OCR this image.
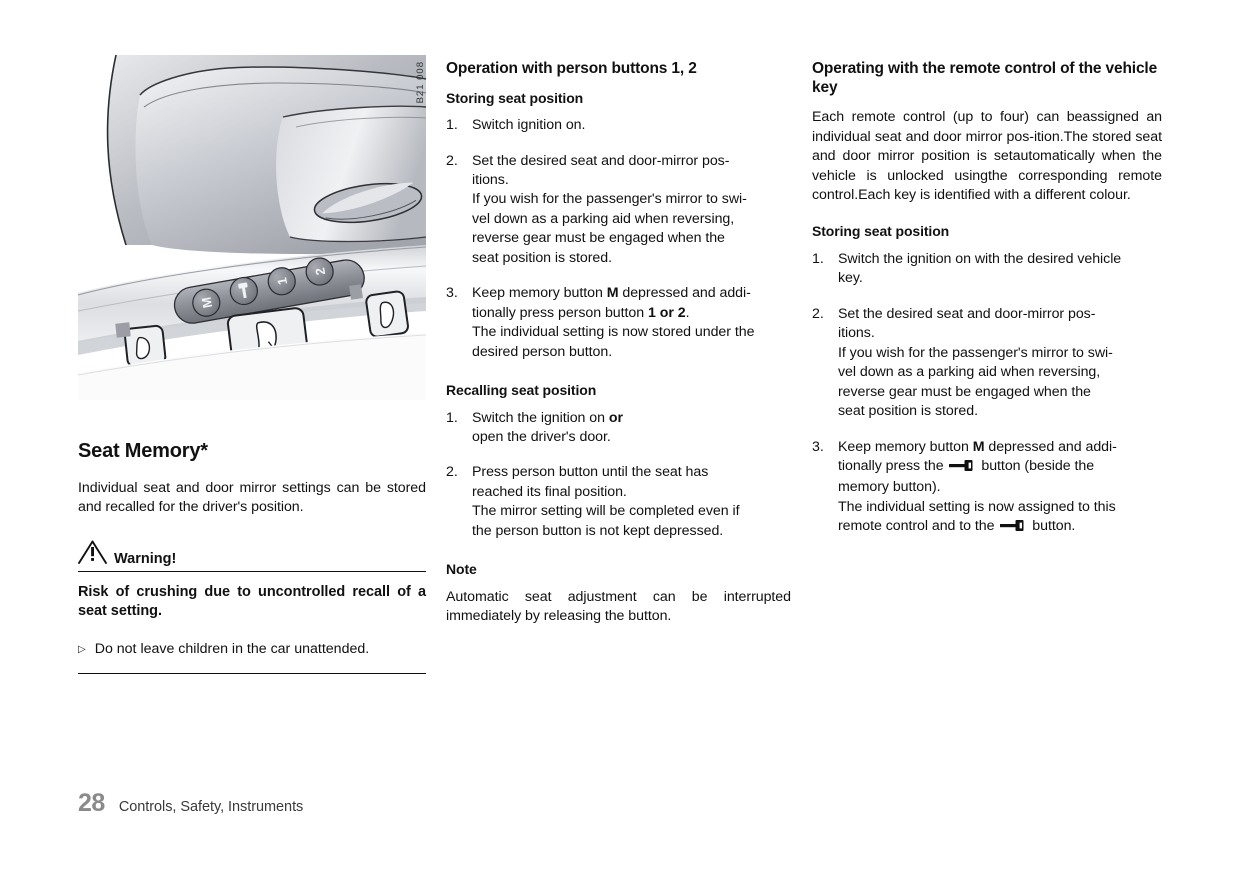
M
1
2
B21 008
Seat Memory*

Individual seat and door mirror settings can be stored and recalled for the driver's position.

Warning!

Risk of crushing due to uncontrolled recall of a seat setting.

▷ Do not leave children in the car unattended.
Operation with person buttons 1, 2
Storing seat position
1.	Switch ignition on.
2.	Set the desired seat and door-mirror pos-
itions.
If you wish for the passenger's mirror to swi-
vel down as a parking aid when reversing,
reverse gear must be engaged when the
seat position is stored.
3.	Keep memory button M depressed and addi-
tionally press person button 1 or 2.
The individual setting is now stored under the
desired person button.
Recalling seat position
1.	Switch the ignition on or
open the driver's door.
2.	Press person button until the seat has
reached its final position.
The mirror setting will be completed even if
the person button is not kept depressed.
Note

Automatic seat adjustment can be interrupted immediately by releasing the button.

Operating with the remote control of the vehicle key

Each remote control (up to four) can beassigned an individual seat and door mirror pos-ition.The stored seat and door mirror position is setautomatically when the vehicle is unlocked usingthe corresponding remote control.Each key is identified with a different colour.

Storing seat position
1.	Switch the ignition on with the desired vehicle
key.
2.	Set the desired seat and door-mirror pos-
itions.
If you wish for the passenger's mirror to swi-
vel down as a parking aid when reversing,
reverse gear must be engaged when the
seat position is stored.
3.	Keep memory button M depressed and addi-
tionally press the  button (beside the
memory button).
The individual setting is now assigned to this
remote control and to the  button.
28 Controls, Safety, Instruments
